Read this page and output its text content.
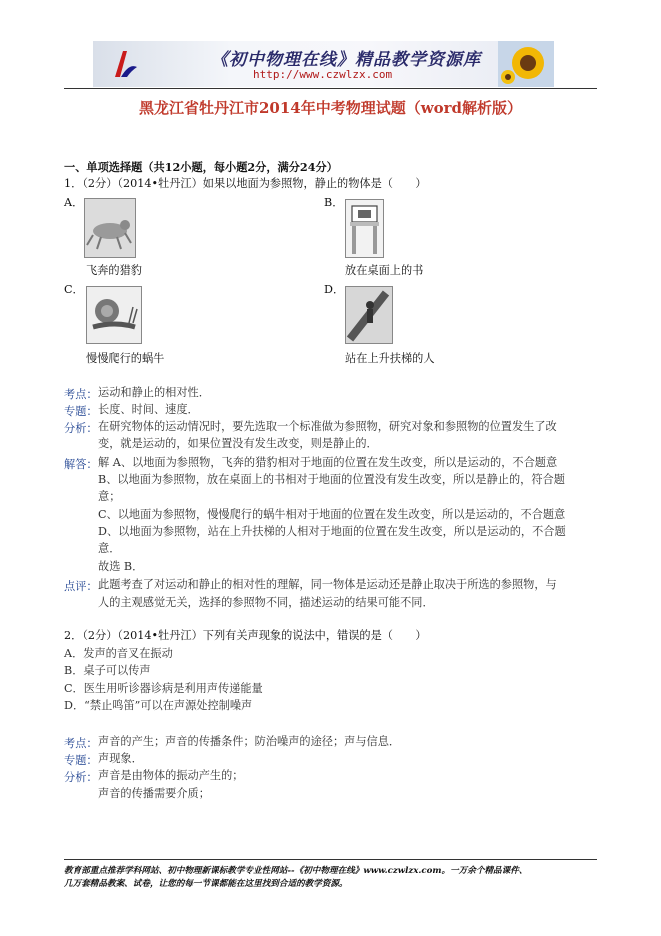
《初中物理在线》精品教学资源库
http://www.czwlzx.com
黑龙江省牡丹江市2014年中考物理试题（word解析版）
一、单项选择题（共12小题，每小题2分，满分24分）
1．（2分）（2014•牡丹江）如果以地面为参照物，静止的物体是（　　）
A．
飞奔的猎豹
B．
放在桌面上的书
C．
慢慢爬行的蜗牛
D．
站在上升扶梯的人
考点： 运动和静止的相对性．
专题： 长度、时间、速度．
分析： 在研究物体的运动情况时，要先选取一个标准做为参照物，研究对象和参照物的位置发生了改
变，就是运动的，如果位置没有发生改变，则是静止的．
解答： 解 A、以地面为参照物，飞奔的猎豹相对于地面的位置在发生改变，所以是运动的，不合题意
B、以地面为参照物，放在桌面上的书相对于地面的位置没有发生改变，所以是静止的，符合题
意；
C、以地面为参照物，慢慢爬行的蜗牛相对于地面的位置在发生改变，所以是运动的，不合题意
D、以地面为参照物，站在上升扶梯的人相对于地面的位置在发生改变，所以是运动的，不合题
意．
故选 B．
点评： 此题考查了对运动和静止的相对性的理解，同一物体是运动还是静止取决于所选的参照物，与
人的主观感觉无关，选择的参照物不同，描述运动的结果可能不同．
2．（2分）（2014•牡丹江）下列有关声现象的说法中，错误的是（　　）
A．发声的音叉在振动
B．桌子可以传声
C．医生用听诊器诊病是利用声传递能量
D．“禁止鸣笛”可以在声源处控制噪声
考点： 声音的产生；声音的传播条件；防治噪声的途径；声与信息．
专题： 声现象．
分析： 声音是由物体的振动产生的；
声音的传播需要介质；
教育部重点推荐学科网站、初中物理新课标教学专业性网站--《初中物理在线》www.czwlzx.com。一万余个精品课件、
几万套精品教案、试卷，让您的每一节课都能在这里找到合适的教学资源。
